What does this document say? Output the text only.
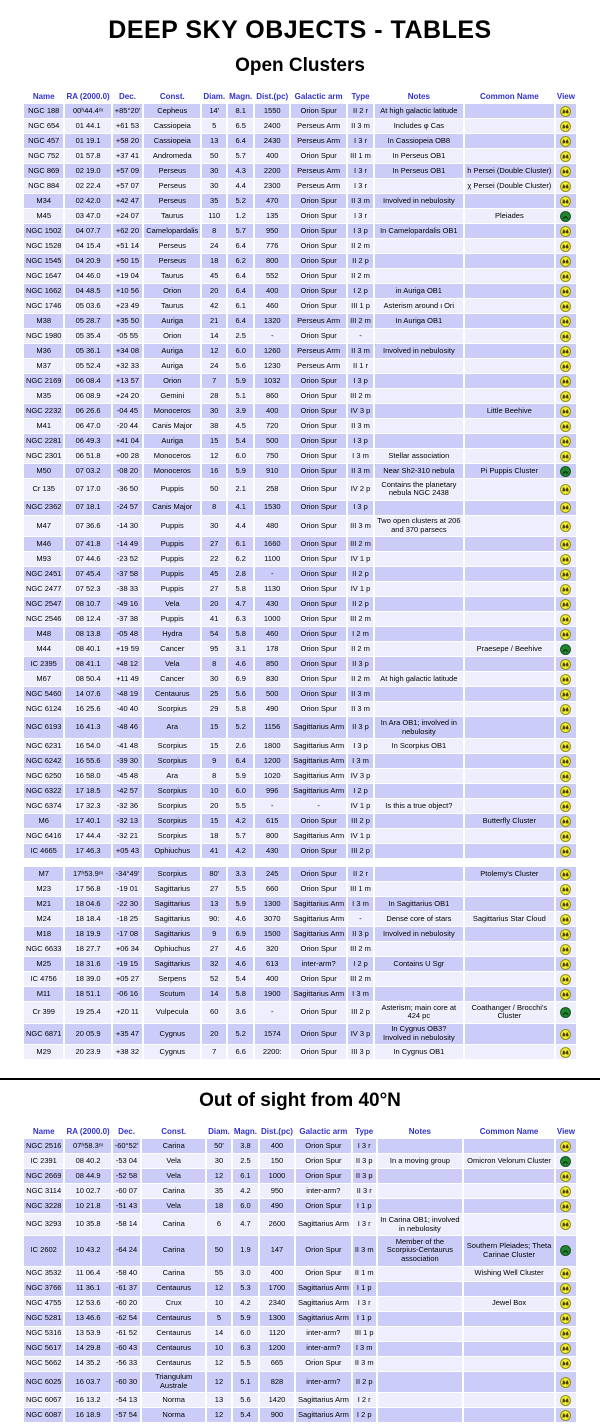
DEEP SKY OBJECTS - TABLES
Open Clusters
Name	RA (2000.0)	Dec.	Const.	Diam.	Magn.	Dist.(pc)	Galactic arm	Type	Notes	Common Name	View
NGC 188	00ʰ44.4ᵐ	+85°20′	Cepheus	14′	8.1	1550	Orion Spur	II 2 r	At high galactic latitude		
NGC 654	01 44.1	+61 53	Cassiopeia	5	6.5	2400	Perseus Arm	II 3 m	Includes φ Cas		
NGC 457	01 19.1	+58 20	Cassiopeia	13	6.4	2430	Perseus Arm	I 3 r	In Cassiopeia OB8		
NGC 752	01 57.8	+37 41	Andromeda	50	5.7	400	Orion Spur	III 1 m	In Perseus OB1		
NGC 869	02 19.0	+57 09	Perseus	30	4.3	2200	Perseus Arm	I 3 r	In Perseus OB1	h Persei (Double Cluster)	
NGC 884	02 22.4	+57 07	Perseus	30	4.4	2300	Perseus Arm	I 3 r		χ Persei (Double Cluster)	
M34	02 42.0	+42 47	Perseus	35	5.2	470	Orion Spur	II 3 m	Involved in nebulosity		
M45	03 47.0	+24 07	Taurus	110	1.2	135	Orion Spur	I 3 r		Pleiades	
NGC 1502	04 07.7	+62 20	Camelopardalis	8	5.7	950	Orion Spur	I 3 p	In Camelopardalis OB1		
NGC 1528	04 15.4	+51 14	Perseus	24	6.4	776	Orion Spur	II 2 m			
NGC 1545	04 20.9	+50 15	Perseus	18	6.2	800	Orion Spur	II 2 p			
NGC 1647	04 46.0	+19 04	Taurus	45	6.4	552	Orion Spur	II 2 m			
NGC 1662	04 48.5	+10 56	Orion	20	6.4	400	Orion Spur	I 2 p	in Auriga OB1		
NGC 1746	05 03.6	+23 49	Taurus	42	6.1	460	Orion Spur	III 1 p	Asterism around ι Ori		
M38	05 28.7	+35 50	Auriga	21	6.4	1320	Perseus Arm	III 2 m	In Auriga OB1		
NGC 1980	05 35.4	-05 55	Orion	14	2.5	-	Orion Spur	-			
M36	05 36.1	+34 08	Auriga	12	6.0	1260	Perseus Arm	II 3 m	Involved in nebulosity		
M37	05 52.4	+32 33	Auriga	24	5.6	1230	Perseus Arm	II 1 r			
NGC 2169	06 08.4	+13 57	Orion	7	5.9	1032	Orion Spur	I 3 p			
M35	06 08.9	+24 20	Gemini	28	5.1	860	Orion Spur	III 2 m			
NGC 2232	06 26.6	-04 45	Monoceros	30	3.9	400	Orion Spur	IV 3 p		Little Beehive	
M41	06 47.0	-20 44	Canis Major	38	4.5	720	Orion Spur	II 3 m			
NGC 2281	06 49.3	+41 04	Auriga	15	5.4	500	Orion Spur	I 3 p			
NGC 2301	06 51.8	+00 28	Monoceros	12	6.0	750	Orion Spur	I 3 m	Stellar association		
M50	07 03.2	-08 20	Monoceros	16	5.9	910	Orion Spur	II 3 m	Near Sh2-310 nebula	Pi Puppis Cluster	
Cr 135	07 17.0	-36 50	Puppis	50	2.1	258	Orion Spur	IV 2 p	Contains the planetary nebula NGC 2438		
NGC 2362	07 18.1	-24 57	Canis Major	8	4.1	1530	Orion Spur	I 3 p			
M47	07 36.6	-14 30	Puppis	30	4.4	480	Orion Spur	III 3 m	Two open clusters at 206 and 370 parsecs		
M46	07 41.8	-14 49	Puppis	27	6.1	1660	Orion Spur	III 2 m			
M93	07 44.6	-23 52	Puppis	22	6.2	1100	Orion Spur	IV 1 p			
NGC 2451	07 45.4	-37 58	Puppis	45	2.8	-	Orion Spur	II 2 p			
NGC 2477	07 52.3	-38 33	Puppis	27	5.8	1130	Orion Spur	IV 1 p			
NGC 2547	08 10.7	-49 16	Vela	20	4.7	430	Orion Spur	II 2 p			
NGC 2546	08 12.4	-37 38	Puppis	41	6.3	1000	Orion Spur	III 2 m			
M48	08 13.8	-05 48	Hydra	54	5.8	460	Orion Spur	I 2 m			
M44	08 40.1	+19 59	Cancer	95	3.1	178	Orion Spur	II 2 m		Praesepe / Beehive	
IC 2395	08 41.1	-48 12	Vela	8	4.6	850	Orion Spur	II 3 p			
M67	08 50.4	+11 49	Cancer	30	6.9	830	Orion Spur	II 2 m	At high galactic latitude		
NGC 5460	14 07.6	-48 19	Centaurus	25	5.6	500	Orion Spur	II 3 m			
NGC 6124	16 25.6	-40 40	Scorpius	29	5.8	490	Orion Spur	II 3 m			
NGC 6193	16 41.3	-48 46	Ara	15	5.2	1156	Sagittarius Arm	II 3 p	In Ara OB1; involved in nebulosity		
NGC 6231	16 54.0	-41 48	Scorpius	15	2.6	1800	Sagittarius Arm	I 3 p	In Scorpius OB1		
NGC 6242	16 55.6	-39 30	Scorpius	9	6.4	1200	Sagittarius Arm	I 3 m			
NGC 6250	16 58.0	-45 48	Ara	8	5.9	1020	Sagittarius Arm	IV 3 p			
NGC 6322	17 18.5	-42 57	Scorpius	10	6.0	996	Sagittarius Arm	I 2 p			
NGC 6374	17 32.3	-32 36	Scorpius	20	5.5	-	-	IV 1 p	Is this a true object?		
M6	17 40.1	-32 13	Scorpius	15	4.2	615	Orion Spur	III 2 p		Butterfly Cluster	
NGC 6416	17 44.4	-32 21	Scorpius	18	5.7	800	Sagittarius Arm	IV 1 p			
IC 4665	17 46.3	+05 43	Ophiuchus	41	4.2	430	Orion Spur	III 2 p			

M7	17ʰ53.9ᵐ	-34°49′	Scorpius	80′	3.3	245	Orion Spur	II 2 r		Ptolemy's Cluster	
M23	17 56.8	-19 01	Sagittarius	27	5.5	660	Orion Spur	III 1 m			
M21	18 04.6	-22 30	Sagittarius	13	5.9	1300	Sagittarius Arm	I 3 m	In Sagittarius OB1		
M24	18 18.4	-18 25	Sagittarius	90:	4.6	3070	Sagittarius Arm	-	Dense core of stars	Sagittarius Star Cloud	
M18	18 19.9	-17 08	Sagittarius	9	6.9	1500	Sagittarius Arm	II 3 p	Involved in nebulosity		
NGC 6633	18 27.7	+06 34	Ophiuchus	27	4.6	320	Orion Spur	III 2 m			
M25	18 31.6	-19 15	Sagittarius	32	4.6	613	inter-arm?	I 2 p	Contains U Sgr		
IC 4756	18 39.0	+05 27	Serpens	52	5.4	400	Orion Spur	III 2 m			
M11	18 51.1	-06 16	Scutum	14	5.8	1900	Sagittarius Arm	I 3 m			
Cr 399	19 25.4	+20 11	Vulpecula	60	3.6	-	Orion Spur	III 2 p	Asterism; main core at 424 pc	Coathanger / Brocchi's Cluster	
NGC 6871	20 05.9	+35 47	Cygnus	20	5.2	1574	Orion Spur	IV 3 p	In Cygnus OB3? Involved in nebulosity		
M29	20 23.9	+38 32	Cygnus	7	6.6	2200:	Orion Spur	III 3 p	In Cygnus OB1		
Out of sight from 40°N
Name	RA (2000.0)	Dec.	Const.	Diam.	Magn.	Dist.(pc)	Galactic arm	Type	Notes	Common Name	View
NGC 2516	07ʰ58.3ᵐ	-60°52′	Carina	50′	3.8	400	Orion Spur	I 3 r			
IC 2391	08 40.2	-53 04	Vela	30	2.5	150	Orion Spur	II 3 p	In a moving group	Omicron Velorum Cluster	
NGC 2669	08 44.9	-52 58	Vela	12	6.1	1000	Orion Spur	II 3 p			
NGC 3114	10 02.7	-60 07	Carina	35	4.2	950	inter-arm?	II 3 r			
NGC 3228	10 21.8	-51 43	Vela	18	6.0	490	Orion Spur	I 1 p			
NGC 3293	10 35.8	-58 14	Carina	6	4.7	2600	Sagittarius Arm	I 3 r	In Carina OB1; involved in nebulosity		
IC 2602	10 43.2	-64 24	Carina	50	1.9	147	Orion Spur	II 3 m	Member of the Scorpius-Centaurus association	Southern Pleiades; Theta Carinae Cluster	
NGC 3532	11 06.4	-58 40	Carina	55	3.0	400	Orion Spur	II 1 m		Wishing Well Cluster	
NGC 3766	11 36.1	-61 37	Centaurus	12	5.3	1700	Sagittarius Arm	I 1 p			
NGC 4755	12 53.6	-60 20	Crux	10	4.2	2340	Sagittarius Arm	I 3 r		Jewel Box	
NGC 5281	13 46.6	-62 54	Centaurus	5	5.9	1300	Sagittarius Arm	I 1 p			
NGC 5316	13 53.9	-61 52	Centaurus	14	6.0	1120	inter-arm?	III 1 p			
NGC 5617	14 29.8	-60 43	Centaurus	10	6.3	1200	inter-arm?	I 3 m			
NGC 5662	14 35.2	-56 33	Centaurus	12	5.5	665	Orion Spur	II 3 m			
NGC 6025	16 03.7	-60 30	Triangulum Australe	12	5.1	828	inter-arm?	II 2 p			
NGC 6067	16 13.2	-54 13	Norma	13	5.6	1420	Sagittarius Arm	I 2 r			
NGC 6087	16 18.9	-57 54	Norma	12	5.4	900	Sagittarius Arm	I 2 p			
